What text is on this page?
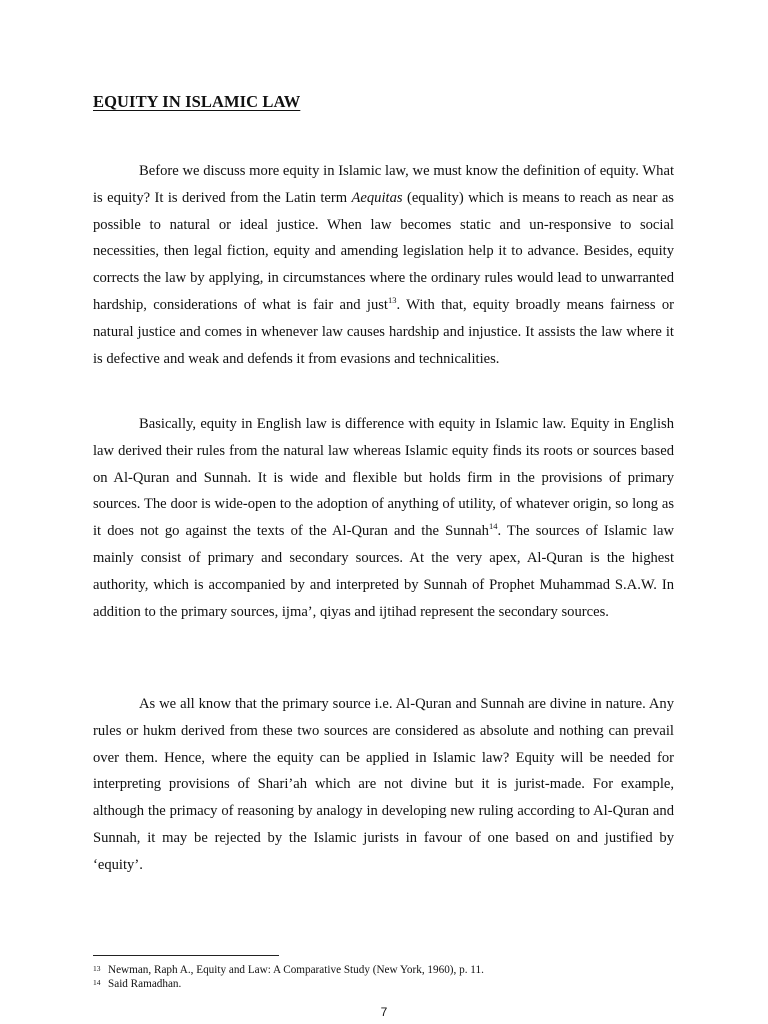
EQUITY IN ISLAMIC LAW

Before we discuss more equity in Islamic law, we must know the definition of equity. What is equity? It is derived from the Latin term Aequitas (equality) which is means to reach as near as possible to natural or ideal justice. When law becomes static and un-responsive to social necessities, then legal fiction, equity and amending legislation help it to advance. Besides, equity corrects the law by applying, in circumstances where the ordinary rules would lead to unwarranted hardship, considerations of what is fair and just$^{13}$. With that, equity broadly means fairness or natural justice and comes in whenever law causes hardship and injustice. It assists the law where it is defective and weak and defends it from evasions and technicalities.

Basically, equity in English law is difference with equity in Islamic law. Equity in English law derived their rules from the natural law whereas Islamic equity finds its roots or sources based on Al-Quran and Sunnah. It is wide and flexible but holds firm in the provisions of primary sources. The door is wide-open to the adoption of anything of utility, of whatever origin, so long as it does not go against the texts of the Al-Quran and the Sunnah$^{14}$. The sources of Islamic law mainly consist of primary and secondary sources. At the very apex, Al-Quran is the highest authority, which is accompanied by and interpreted by Sunnah of Prophet Muhammad S.A.W. In addition to the primary sources, ijma’, qiyas and ijtihad represent the secondary sources.

As we all know that the primary source i.e. Al-Quran and Sunnah are divine in nature. Any rules or hukm derived from these two sources are considered as absolute and nothing can prevail over them. Hence, where the equity can be applied in Islamic law? Equity will be needed for interpreting provisions of Shari’ah which are not divine but it is jurist-made. For example, although the primacy of reasoning by analogy in developing new ruling according to Al-Quran and Sunnah, it may be rejected by the Islamic jurists in favour of one based on and justified by ‘equity’.

13 Newman, Raph A., Equity and Law: A Comparative Study (New York, 1960), p. 11.
14 Said Ramadhan.
7
